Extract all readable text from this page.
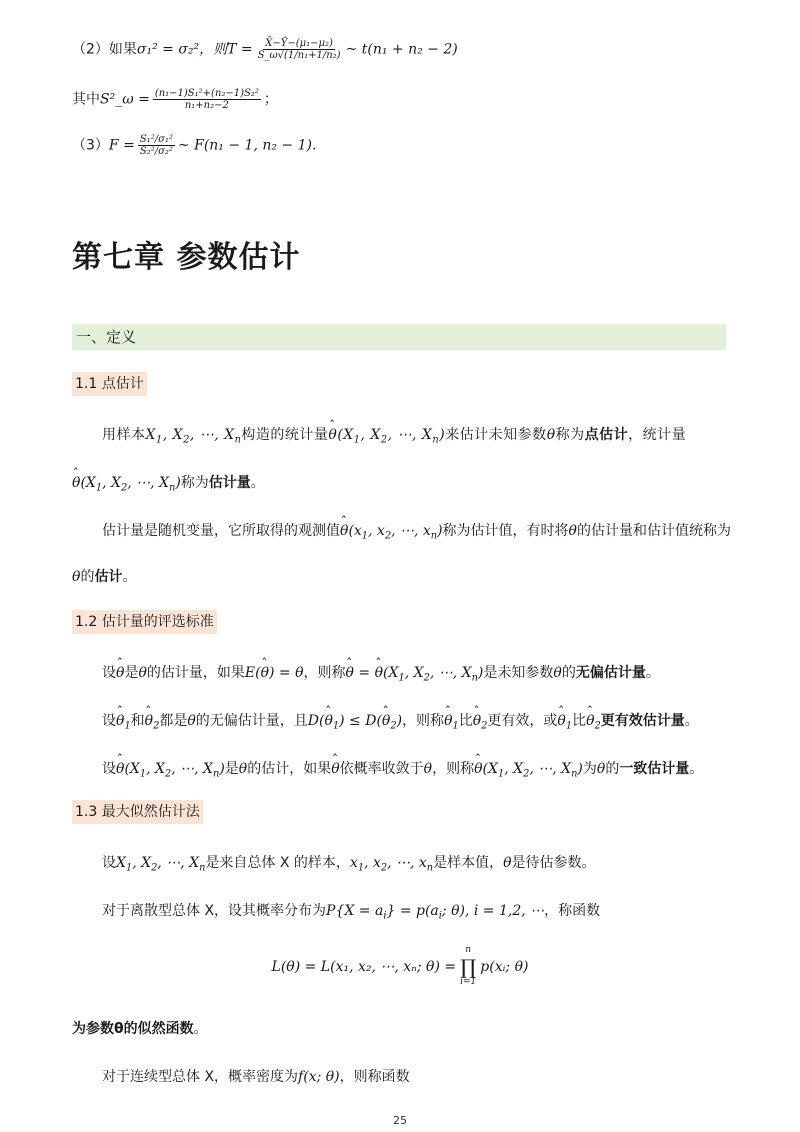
（2）如果σ₁² = σ₂²，则$T = \frac{\text{X̄−Ȳ−(μ₁−μ₂)}}{\text{S\_ω√(1/n₁+1/n₂)}}$ ~ t(n₁ + n₂ − 2)
其中S²_ω = $\frac{\text{(n₁−1)S₁²+(n₂−1)S₂²}}{\text{n₁+n₂−2}}$ ；
$(3)F = \frac{\text{S₁²/σ₁²}}{\text{S₂²/σ₂²}}$ ~ F(n₁ − 1, n₂ − 1).
第七章 参数估计
一、定义
1.1 点估计
用样本$X_1$, $X_2$, ⋯, $X_n$构造的统计量ˆ $\theta(X_1$, $X_2$, ⋯, $X_n$)来估计未知参数θ称为点估计，统计量
ˆ $\theta(X_1$, $X_2$, ⋯, $X_n$)称为估计量。
估计量是随机变量，它所取得的观测值ˆ $\theta(x_1$, $x_2$, ⋯, $x_n$)称为估计值，有时将θ的估计量和估计值统称为
θ的估计。
1.2 估计量的评选标准
设ˆ θ是θ的估计量，如果E(ˆ θ) = θ，则称ˆ θ = ˆ $\theta(X_1$, $X_2$, ⋯, $X_n$)是未知参数θ的无偏估计量。
设ˆ $\theta_1$和ˆ $\theta_2$都是θ的无偏估计量，且D(ˆ $\theta_1$) ≤ D(ˆ $\theta_2$)，则称ˆ $\theta_1$比ˆ $\theta_2$更有效，或ˆ $\theta_1$比ˆ $\theta_2$更有效估计量。
设ˆ $\theta(X_1$, $X_2$, ⋯, $X_n$)是θ的估计，如果ˆ θ依概率收敛于θ，则称ˆ $\theta(X_1$, $X_2$, ⋯, $X_n$)为θ的一致估计量。
1.3 最大似然估计法
设$X_1$, $X_2$, ⋯, $X_n$是来自总体 X 的样本，$x_1$, $x_2$, ⋯, $x_n$是样本值，θ是待估参数。
对于离散型总体 X，设其概率分布为$P\{X = a_i\} = p(a_i$; θ), i = 1,2, ⋯，称函数
L(θ) = L(x₁, x₂, ⋯, xₙ; θ) =
n
∏
i=1
p(xᵢ; θ)
为参数θ的似然函数。
对于连续型总体 X，概率密度为f(x; θ)，则称函数
25
